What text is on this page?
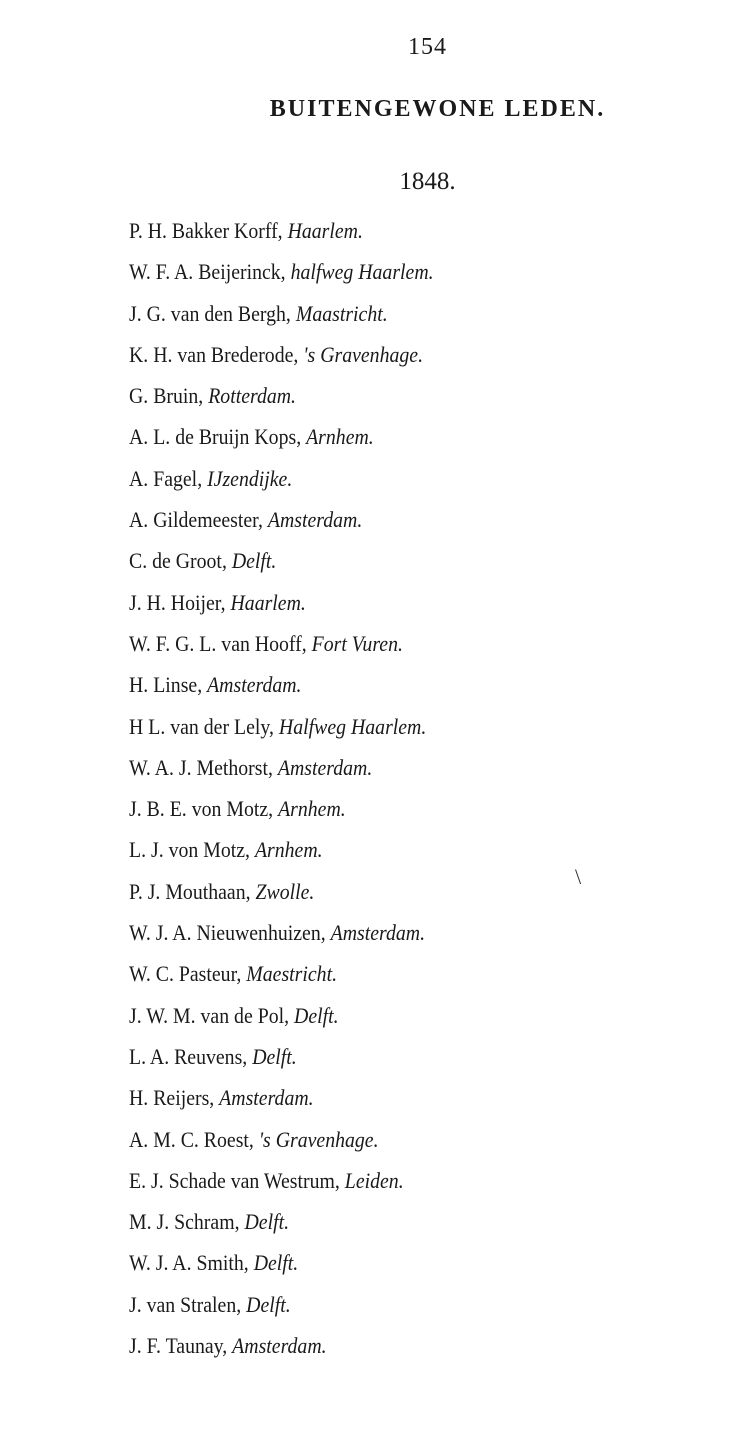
154
BUITENGEWONE LEDEN.
1848.
P. H. Bakker Korff, Haarlem.
W. F. A. Beijerinck, halfweg Haarlem.
J. G. van den Bergh, Maastricht.
K. H. van Brederode, 's Gravenhage.
G. Bruin, Rotterdam.
A. L. de Bruijn Kops, Arnhem.
A. Fagel, IJzendijke.
A. Gildemeester, Amsterdam.
C. de Groot, Delft.
J. H. Hoijer, Haarlem.
W. F. G. L. van Hooff, Fort Vuren.
H. Linse, Amsterdam.
H L. van der Lely, Halfweg Haarlem.
W. A. J. Methorst, Amsterdam.
J. B. E. von Motz, Arnhem.
L. J. von Motz, Arnhem.
P. J. Mouthaan, Zwolle.
W. J. A. Nieuwenhuizen, Amsterdam.
W. C. Pasteur, Maestricht.
J. W. M. van de Pol, Delft.
L. A. Reuvens, Delft.
H. Reijers, Amsterdam.
A. M. C. Roest, 's Gravenhage.
E. J. Schade van Westrum, Leiden.
M. J. Schram, Delft.
W. J. A. Smith, Delft.
J. van Stralen, Delft.
J. F. Taunay, Amsterdam.
\
